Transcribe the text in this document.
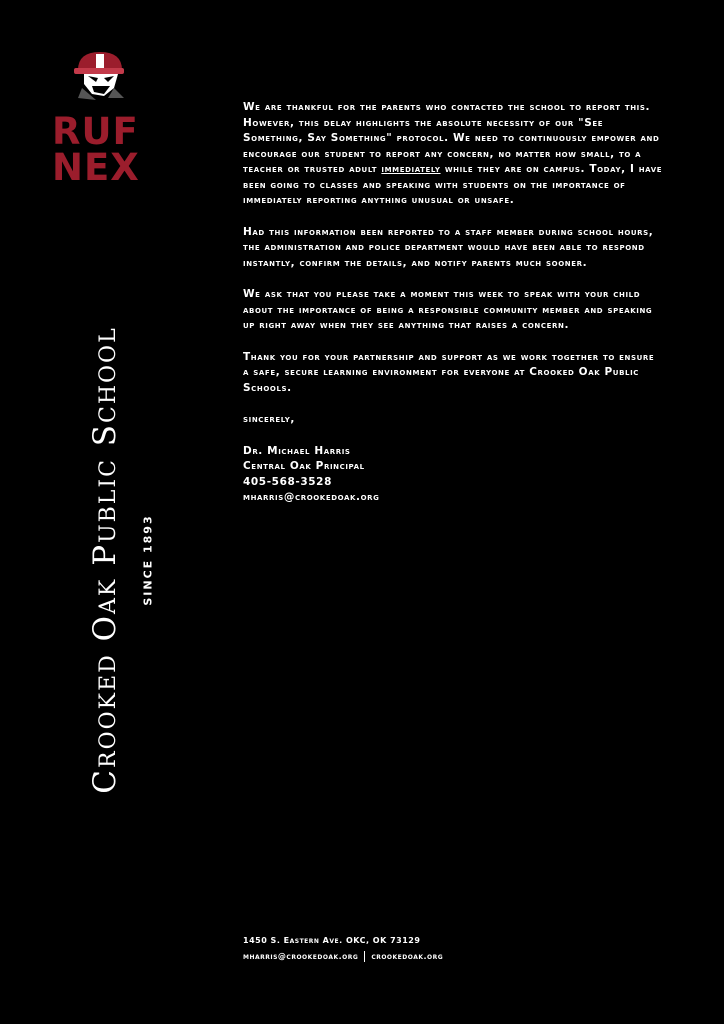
RUF
NEX
Crooked Oak Public School SINCE 1893

We are thankful for the parents who contacted the school to report this. However, this delay highlights the absolute necessity of our "See Something, Say Something" protocol. We need to continuously empower and encourage our student to report any concern, no matter how small, to a teacher or trusted adult immediately while they are on campus. Today, I have been going to classes and speaking with students on the importance of immediately reporting anything unusual or unsafe.

Had this information been reported to a staff member during school hours, the administration and police department would have been able to respond instantly, confirm the details, and notify parents much sooner.

We ask that you please take a moment this week to speak with your child about the importance of being a responsible community member and speaking up right away when they see anything that raises a concern.

Thank you for your partnership and support as we work together to ensure a safe, secure learning environment for everyone at Crooked Oak Public Schools.

sincerely,

Dr. Michael Harris
Central Oak Principal
405-568-3528
mharris@crookedoak.org
1450 S. Eastern Ave. OKC, OK 73129
mharris@crookedoak.org crookedoak.org
